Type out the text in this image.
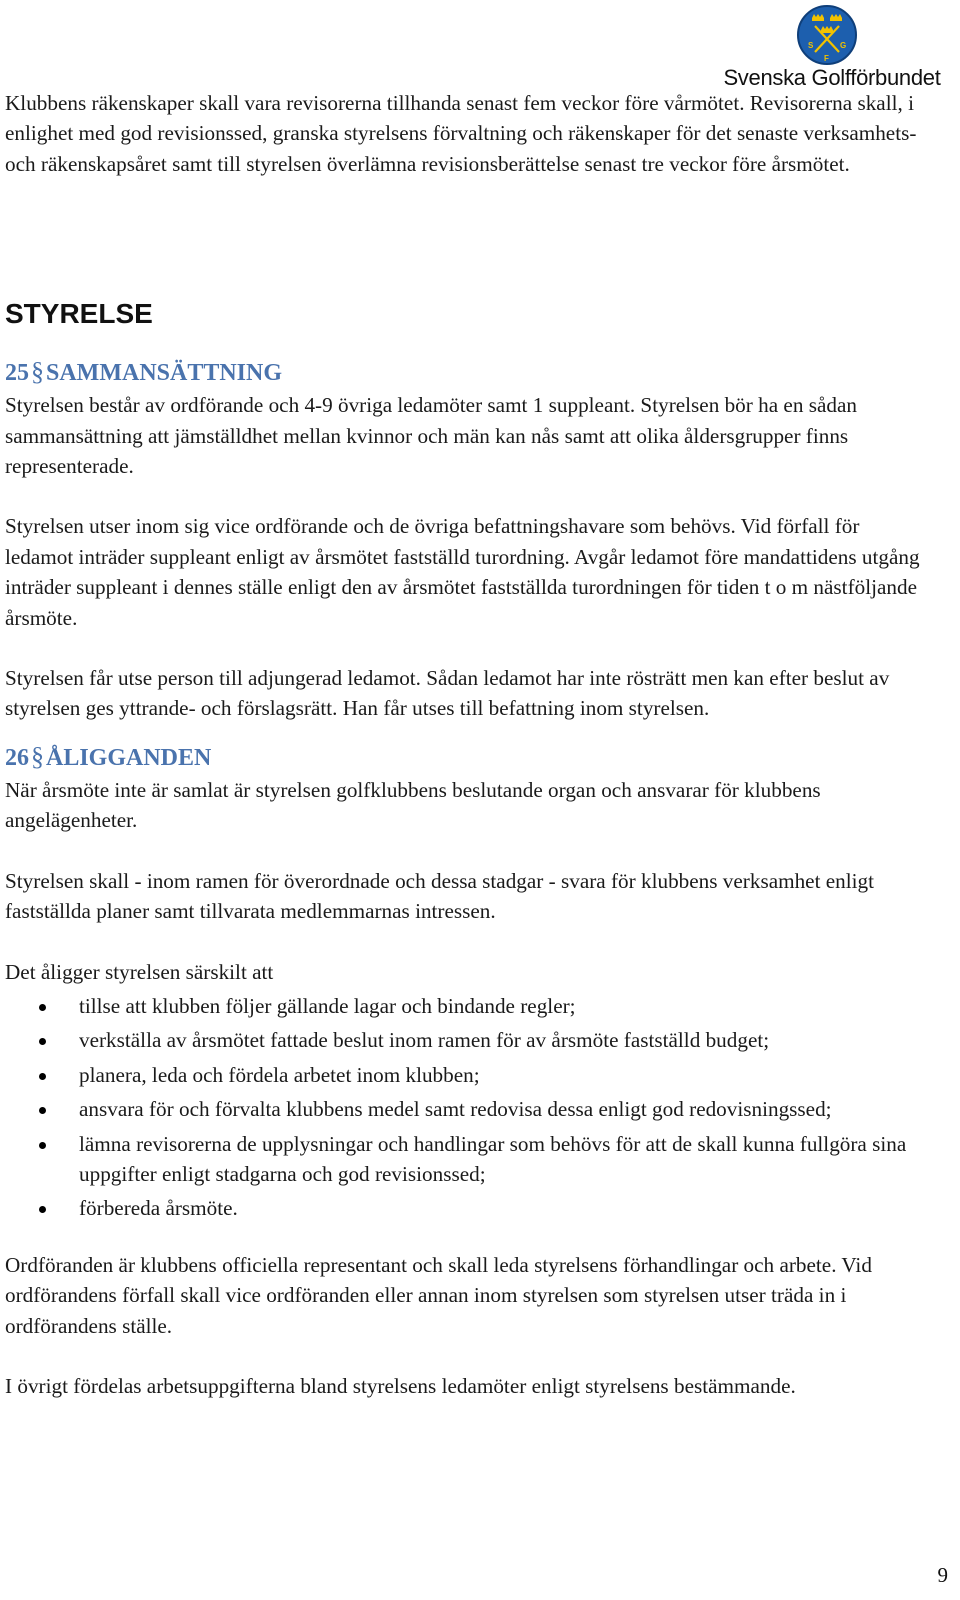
S	G
F
Svenska Golfförbundet

Klubbens räkenskaper skall vara revisorerna tillhanda senast fem veckor före vårmötet. Revisorerna skall, i enlighet med god revisionssed, granska styrelsens förvaltning och räkenskaper för det senaste verksamhets- och räkenskapsåret samt till styrelsen överlämna revisionsberättelse senast tre veckor före årsmötet.

STYRELSE
25§SAMMANSÄTTNING

Styrelsen består av ordförande och 4-9 övriga ledamöter samt 1 suppleant. Styrelsen bör ha en sådan sammansättning att jämställdhet mellan kvinnor och män kan nås samt att olika åldersgrupper finns representerade.

Styrelsen utser inom sig vice ordförande och de övriga befattningshavare som behövs. Vid förfall för ledamot inträder suppleant enligt av årsmötet fastställd turordning. Avgår ledamot före mandattidens utgång inträder suppleant i dennes ställe enligt den av årsmötet fastställda turordningen för tiden t o m nästföljande årsmöte.

Styrelsen får utse person till adjungerad ledamot. Sådan ledamot har inte rösträtt men kan efter beslut av styrelsen ges yttrande- och förslagsrätt. Han får utses till befattning inom styrelsen.

26§ÅLIGGANDEN

När årsmöte inte är samlat är styrelsen golfklubbens beslutande organ och ansvarar för klubbens angelägenheter.

Styrelsen skall - inom ramen för överordnade och dessa stadgar - svara för klubbens verksamhet enligt fastställda planer samt tillvarata medlemmarnas intressen.

Det åligger styrelsen särskilt att

tillse att klubben följer gällande lagar och bindande regler;
verkställa av årsmötet fattade beslut inom ramen för av årsmöte fastställd budget;
planera, leda och fördela arbetet inom klubben;
ansvara för och förvalta klubbens medel samt redovisa dessa enligt god redovisningssed;
lämna revisorerna de upplysningar och handlingar som behövs för att de skall kunna fullgöra sina uppgifter enligt stadgarna och god revisionssed;
förbereda årsmöte.

Ordföranden är klubbens officiella representant och skall leda styrelsens förhandlingar och arbete. Vid ordförandens förfall skall vice ordföranden eller annan inom styrelsen som styrelsen utser träda in i ordförandens ställe.

I övrigt fördelas arbetsuppgifterna bland styrelsens ledamöter enligt styrelsens bestämmande.

9
